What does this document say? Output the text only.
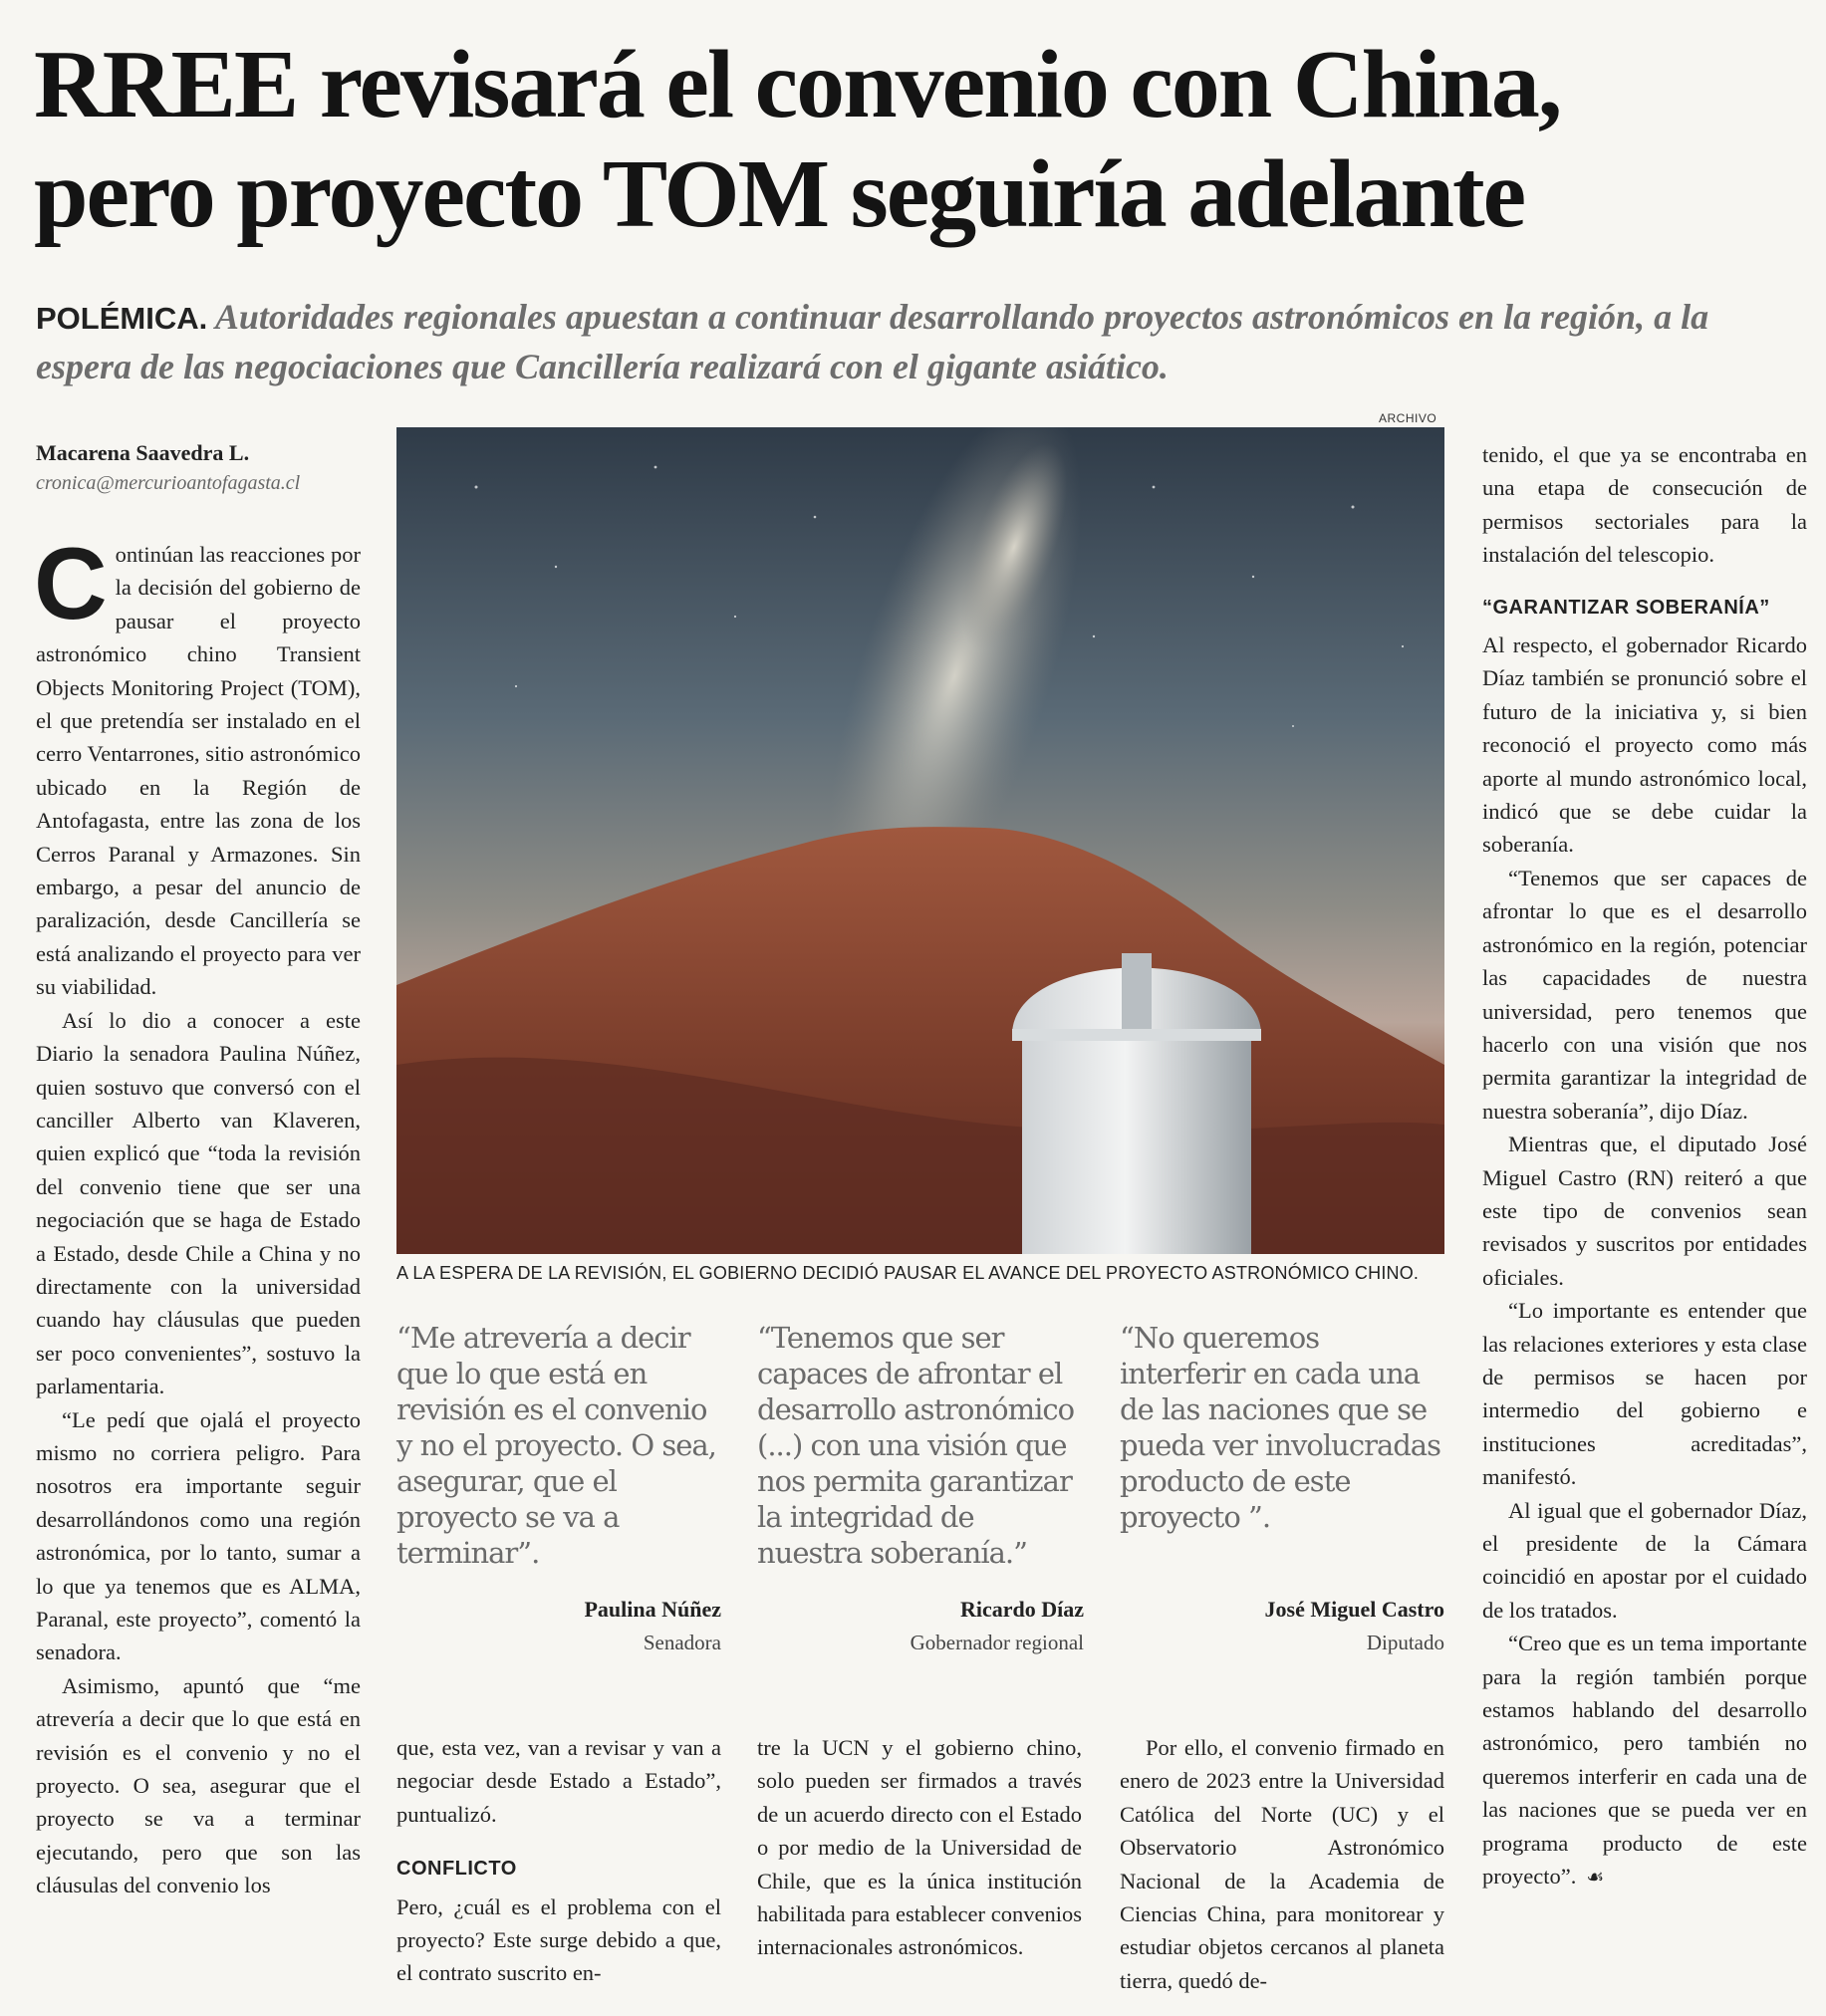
RREE revisará el convenio con China,
pero proyecto TOM seguiría adelante
POLÉMICA. Autoridades regionales apuestan a continuar desarrollando proyectos astronómicos en la región, a la espera de las negociaciones que Cancillería realizará con el gigante asiático.
Macarena Saavedra L.
cronica@mercurioantofagasta.cl

Continúan las reacciones por la decisión del gobierno de pausar el proyecto astronómico chino Transient Objects Monitoring Project (TOM), el que pretendía ser instalado en el cerro Ventarrones, sitio astronómico ubicado en la Región de Antofagasta, entre las zona de los Cerros Paranal y Armazones. Sin embargo, a pesar del anuncio de paralización, desde Cancillería se está analizando el proyecto para ver su viabilidad.

Así lo dio a conocer a este Diario la senadora Paulina Núñez, quien sostuvo que conversó con el canciller Alberto van Klaveren, quien explicó que “toda la revisión del convenio tiene que ser una negociación que se haga de Estado a Estado, desde Chile a China y no directamente con la universidad cuando hay cláusulas que pueden ser poco convenientes”, sostuvo la parlamentaria.

“Le pedí que ojalá el proyecto mismo no corriera peligro. Para nosotros era importante seguir desarrollándonos como una región astronómica, por lo tanto, sumar a lo que ya tenemos que es ALMA, Paranal, este proyecto”, comentó la senadora.

Asimismo, apuntó que “me atrevería a decir que lo que está en revisión es el convenio y no el proyecto. O sea, asegurar que el proyecto se va a terminar ejecutando, pero que son las cláusulas del convenio los

ARCHIVO
A LA ESPERA DE LA REVISIÓN, EL GOBIERNO DECIDIÓ PAUSAR EL AVANCE DEL PROYECTO ASTRONÓMICO CHINO.
“Me atrevería a decir que lo que está en revisión es el convenio y no el proyecto. O sea, asegurar, que el proyecto se va a terminar”.
“Tenemos que ser capaces de afrontar el desarrollo astronómico (...) con una visión que nos permita garantizar la integridad de nuestra soberanía.”
“No queremos interferir en cada una de las naciones que se pueda ver involucradas producto de este proyecto ”.
Paulina Núñez
Senadora
Ricardo Díaz
Gobernador regional
José Miguel Castro
Diputado

que, esta vez, van a revisar y van a negociar desde Estado a Estado”, puntualizó.

CONFLICTO

Pero, ¿cuál es el problema con el proyecto? Este surge debido a que, el contrato suscrito en-

tre la UCN y el gobierno chino, solo pueden ser firmados a través de un acuerdo directo con el Estado o por medio de la Universidad de Chile, que es la única institución habilitada para establecer convenios internacionales astronómicos.

Por ello, el convenio firmado en enero de 2023 entre la Universidad Católica del Norte (UC) y el Observatorio Astronómico Nacional de la Academia de Ciencias China, para monitorear y estudiar objetos cercanos al planeta tierra, quedó de-

tenido, el que ya se encontraba en una etapa de consecución de permisos sectoriales para la instalación del telescopio.

“GARANTIZAR SOBERANÍA”

Al respecto, el gobernador Ricardo Díaz también se pronunció sobre el futuro de la iniciativa y, si bien reconoció el proyecto como más aporte al mundo astronómico local, indicó que se debe cuidar la soberanía.

“Tenemos que ser capaces de afrontar lo que es el desarrollo astronómico en la región, potenciar las capacidades de nuestra universidad, pero tenemos que hacerlo con una visión que nos permita garantizar la integridad de nuestra soberanía”, dijo Díaz.

Mientras que, el diputado José Miguel Castro (RN) reiteró a que este tipo de convenios sean revisados y suscritos por entidades oficiales.

“Lo importante es entender que las relaciones exteriores y esta clase de permisos se hacen por intermedio del gobierno e instituciones acreditadas”, manifestó.

Al igual que el gobernador Díaz, el presidente de la Cámara coincidió en apostar por el cuidado de los tratados.

“Creo que es un tema importante para la región también porque estamos hablando del desarrollo astronómico, pero también no queremos interferir en cada una de las naciones que se pueda ver en programa producto de este proyecto”. ☙
